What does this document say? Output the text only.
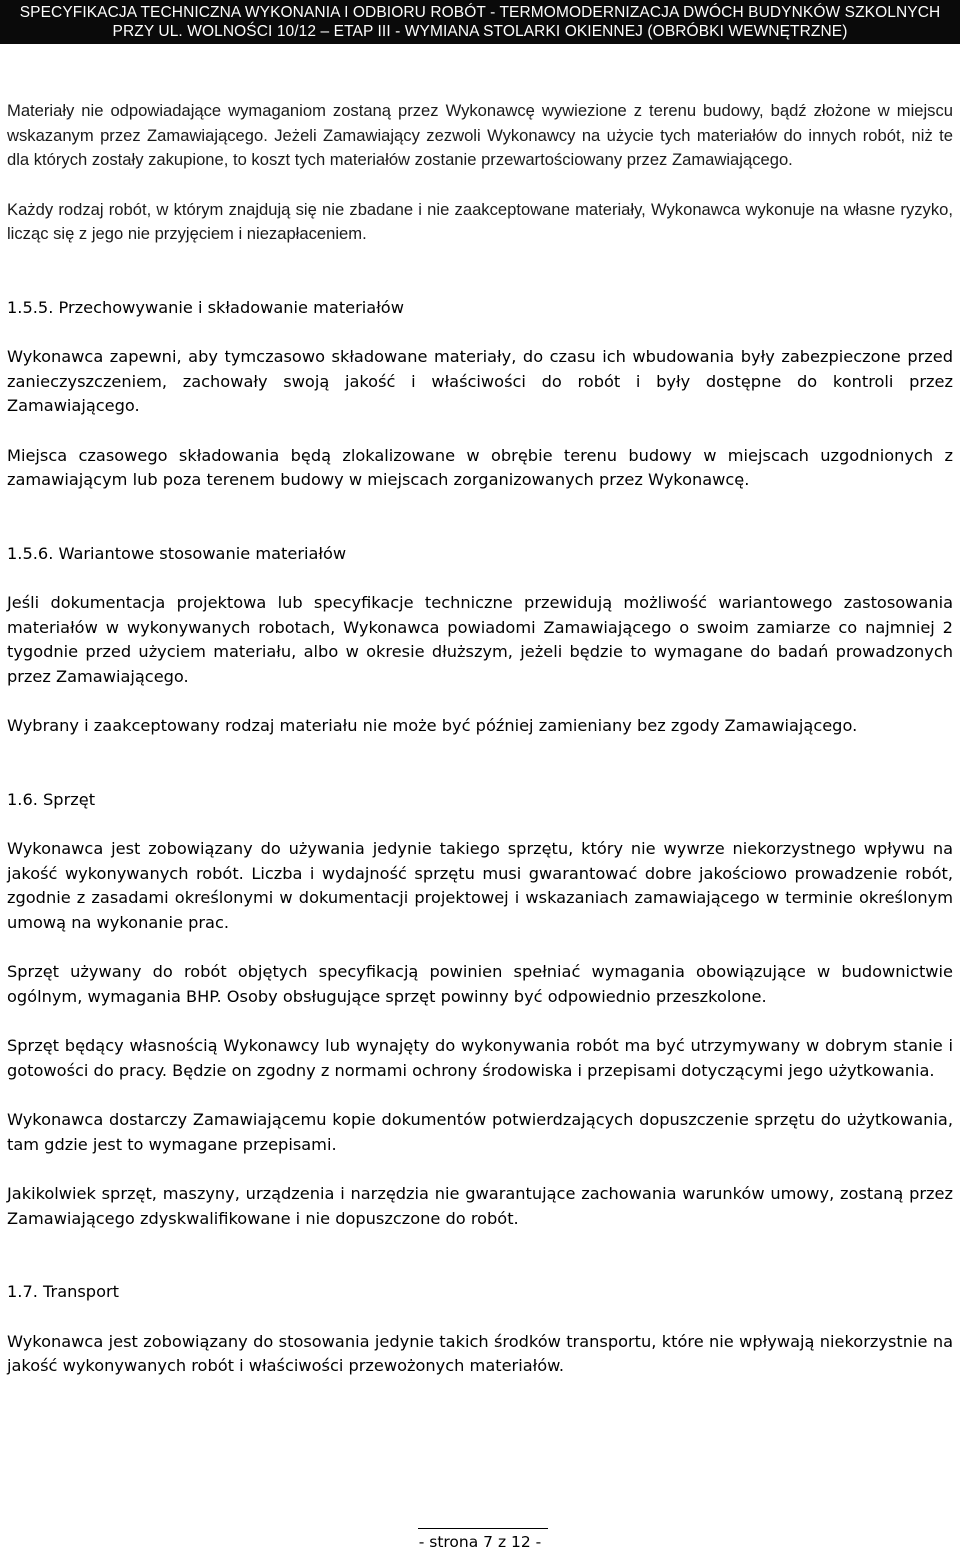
SPECYFIKACJA TECHNICZNA WYKONANIA I ODBIORU ROBÓT - TERMOMODERNIZACJA DWÓCH BUDYNKÓW SZKOLNYCH
PRZY UL. WOLNOŚCI 10/12 – ETAP III - WYMIANA STOLARKI OKIENNEJ (OBRÓBKI WEWNĘTRZNE)

Materiały nie odpowiadające wymaganiom zostaną przez Wykonawcę wywiezione z terenu budowy, bądź złożone w miejscu wskazanym przez Zamawiającego. Jeżeli Zamawiający zezwoli Wykonawcy na użycie tych materiałów do innych robót, niż te dla których zostały zakupione, to koszt tych materiałów zostanie przewartościowany przez Zamawiającego.

Każdy rodzaj robót, w którym znajdują się nie zbadane i nie zaakceptowane materiały, Wykonawca wykonuje na własne ryzyko, licząc się z jego nie przyjęciem i niezapłaceniem.

1.5.5. Przechowywanie i składowanie materiałów

Wykonawca zapewni, aby tymczasowo składowane materiały, do czasu ich wbudowania były zabezpieczone przed zanieczyszczeniem, zachowały swoją jakość i właściwości do robót i były dostępne do kontroli przez Zamawiającego.

Miejsca czasowego składowania będą zlokalizowane w obrębie terenu budowy w miejscach uzgodnionych z zamawiającym lub poza terenem budowy w miejscach zorganizowanych przez Wykonawcę.

1.5.6. Wariantowe stosowanie materiałów

Jeśli dokumentacja projektowa lub specyfikacje techniczne przewidują możliwość wariantowego zastosowania materiałów w wykonywanych robotach, Wykonawca powiadomi Zamawiającego o swoim zamiarze co najmniej 2 tygodnie przed użyciem materiału, albo w okresie dłuższym, jeżeli będzie to wymagane do badań prowadzonych przez Zamawiającego.

Wybrany i zaakceptowany rodzaj materiału nie może być później zamieniany bez zgody Zamawiającego.

1.6. Sprzęt

Wykonawca jest zobowiązany do używania jedynie takiego sprzętu, który nie wywrze niekorzystnego wpływu na jakość wykonywanych robót. Liczba i wydajność sprzętu musi gwarantować dobre jakościowo prowadzenie robót, zgodnie z zasadami określonymi w dokumentacji projektowej i wskazaniach zamawiającego w terminie określonym umową na wykonanie prac.

Sprzęt używany do robót objętych specyfikacją powinien spełniać wymagania obowiązujące w budownictwie ogólnym, wymagania BHP. Osoby obsługujące sprzęt powinny być odpowiednio przeszkolone.

Sprzęt będący własnością Wykonawcy lub wynajęty do wykonywania robót ma być utrzymywany w dobrym stanie i gotowości do pracy. Będzie on zgodny z normami ochrony środowiska i przepisami dotyczącymi jego użytkowania.

Wykonawca dostarczy Zamawiającemu kopie dokumentów potwierdzających dopuszczenie sprzętu do użytkowania, tam gdzie jest to wymagane przepisami.

Jakikolwiek sprzęt, maszyny, urządzenia i narzędzia nie gwarantujące zachowania warunków umowy, zostaną przez Zamawiającego zdyskwalifikowane i nie dopuszczone do robót.

1.7. Transport

Wykonawca jest zobowiązany do stosowania jedynie takich środków transportu, które nie wpływają niekorzystnie na jakość wykonywanych robót i właściwości przewożonych materiałów.

- strona 7 z 12 -
